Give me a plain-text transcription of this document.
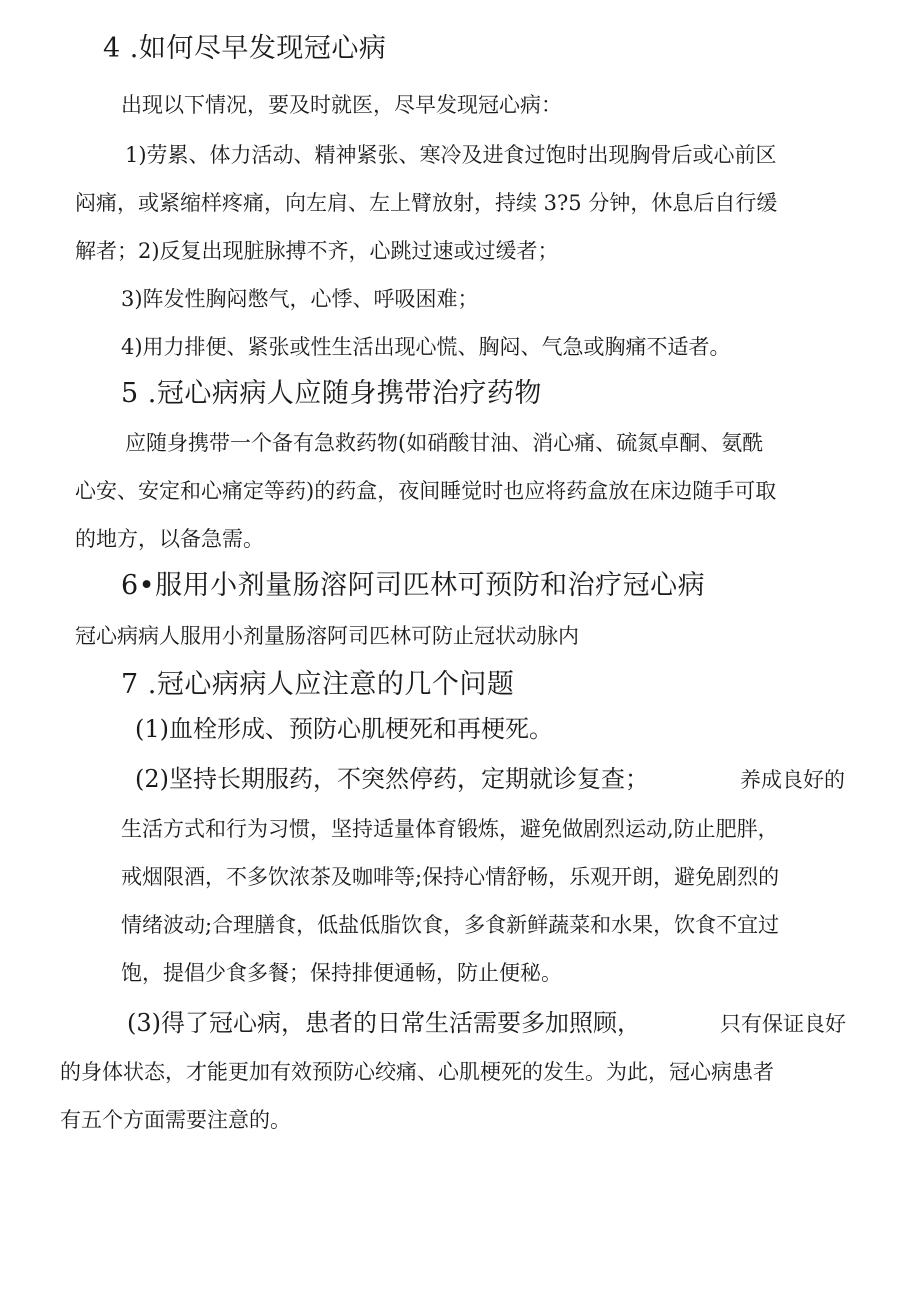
4 .如何尽早发现冠心病
出现以下情况，要及时就医，尽早发现冠心病：
1)劳累、体力活动、精神紧张、寒冷及进食过饱时出现胸骨后或心前区
闷痛，或紧缩样疼痛，向左肩、左上臂放射，持续 3?5 分钟，休息后自行缓
解者；2)反复出现脏脉搏不齐，心跳过速或过缓者；
3)阵发性胸闷憋气，心悸、呼吸困难；
4)用力排便、紧张或性生活出现心慌、胸闷、气急或胸痛不适者。
5 .冠心病病人应随身携带治疗药物
应随身携带一个备有急救药物(如硝酸甘油、消心痛、硫氮卓酮、氨酰
心安、安定和心痛定等药)的药盒，夜间睡觉时也应将药盒放在床边随手可取
的地方，以备急需。
6•服用小剂量肠溶阿司匹林可预防和治疗冠心病
冠心病病人服用小剂量肠溶阿司匹林可防止冠状动脉内
7 .冠心病病人应注意的几个问题
(1)血栓形成、预防心肌梗死和再梗死。
(2)坚持长期服药，不突然停药，定期就诊复查；	养成良好的
生活方式和行为习惯，坚持适量体育锻炼，避免做剧烈运动,防止肥胖，
戒烟限酒，不多饮浓茶及咖啡等;保持心情舒畅，乐观开朗，避免剧烈的
情绪波动;合理膳食，低盐低脂饮食，多食新鲜蔬菜和水果，饮食不宜过
饱，提倡少食多餐；保持排便通畅，防止便秘。
(3)得了冠心病，患者的日常生活需要多加照顾，	只有保证良好
的身体状态，才能更加有效预防心绞痛、心肌梗死的发生。为此，冠心病患者
有五个方面需要注意的。
